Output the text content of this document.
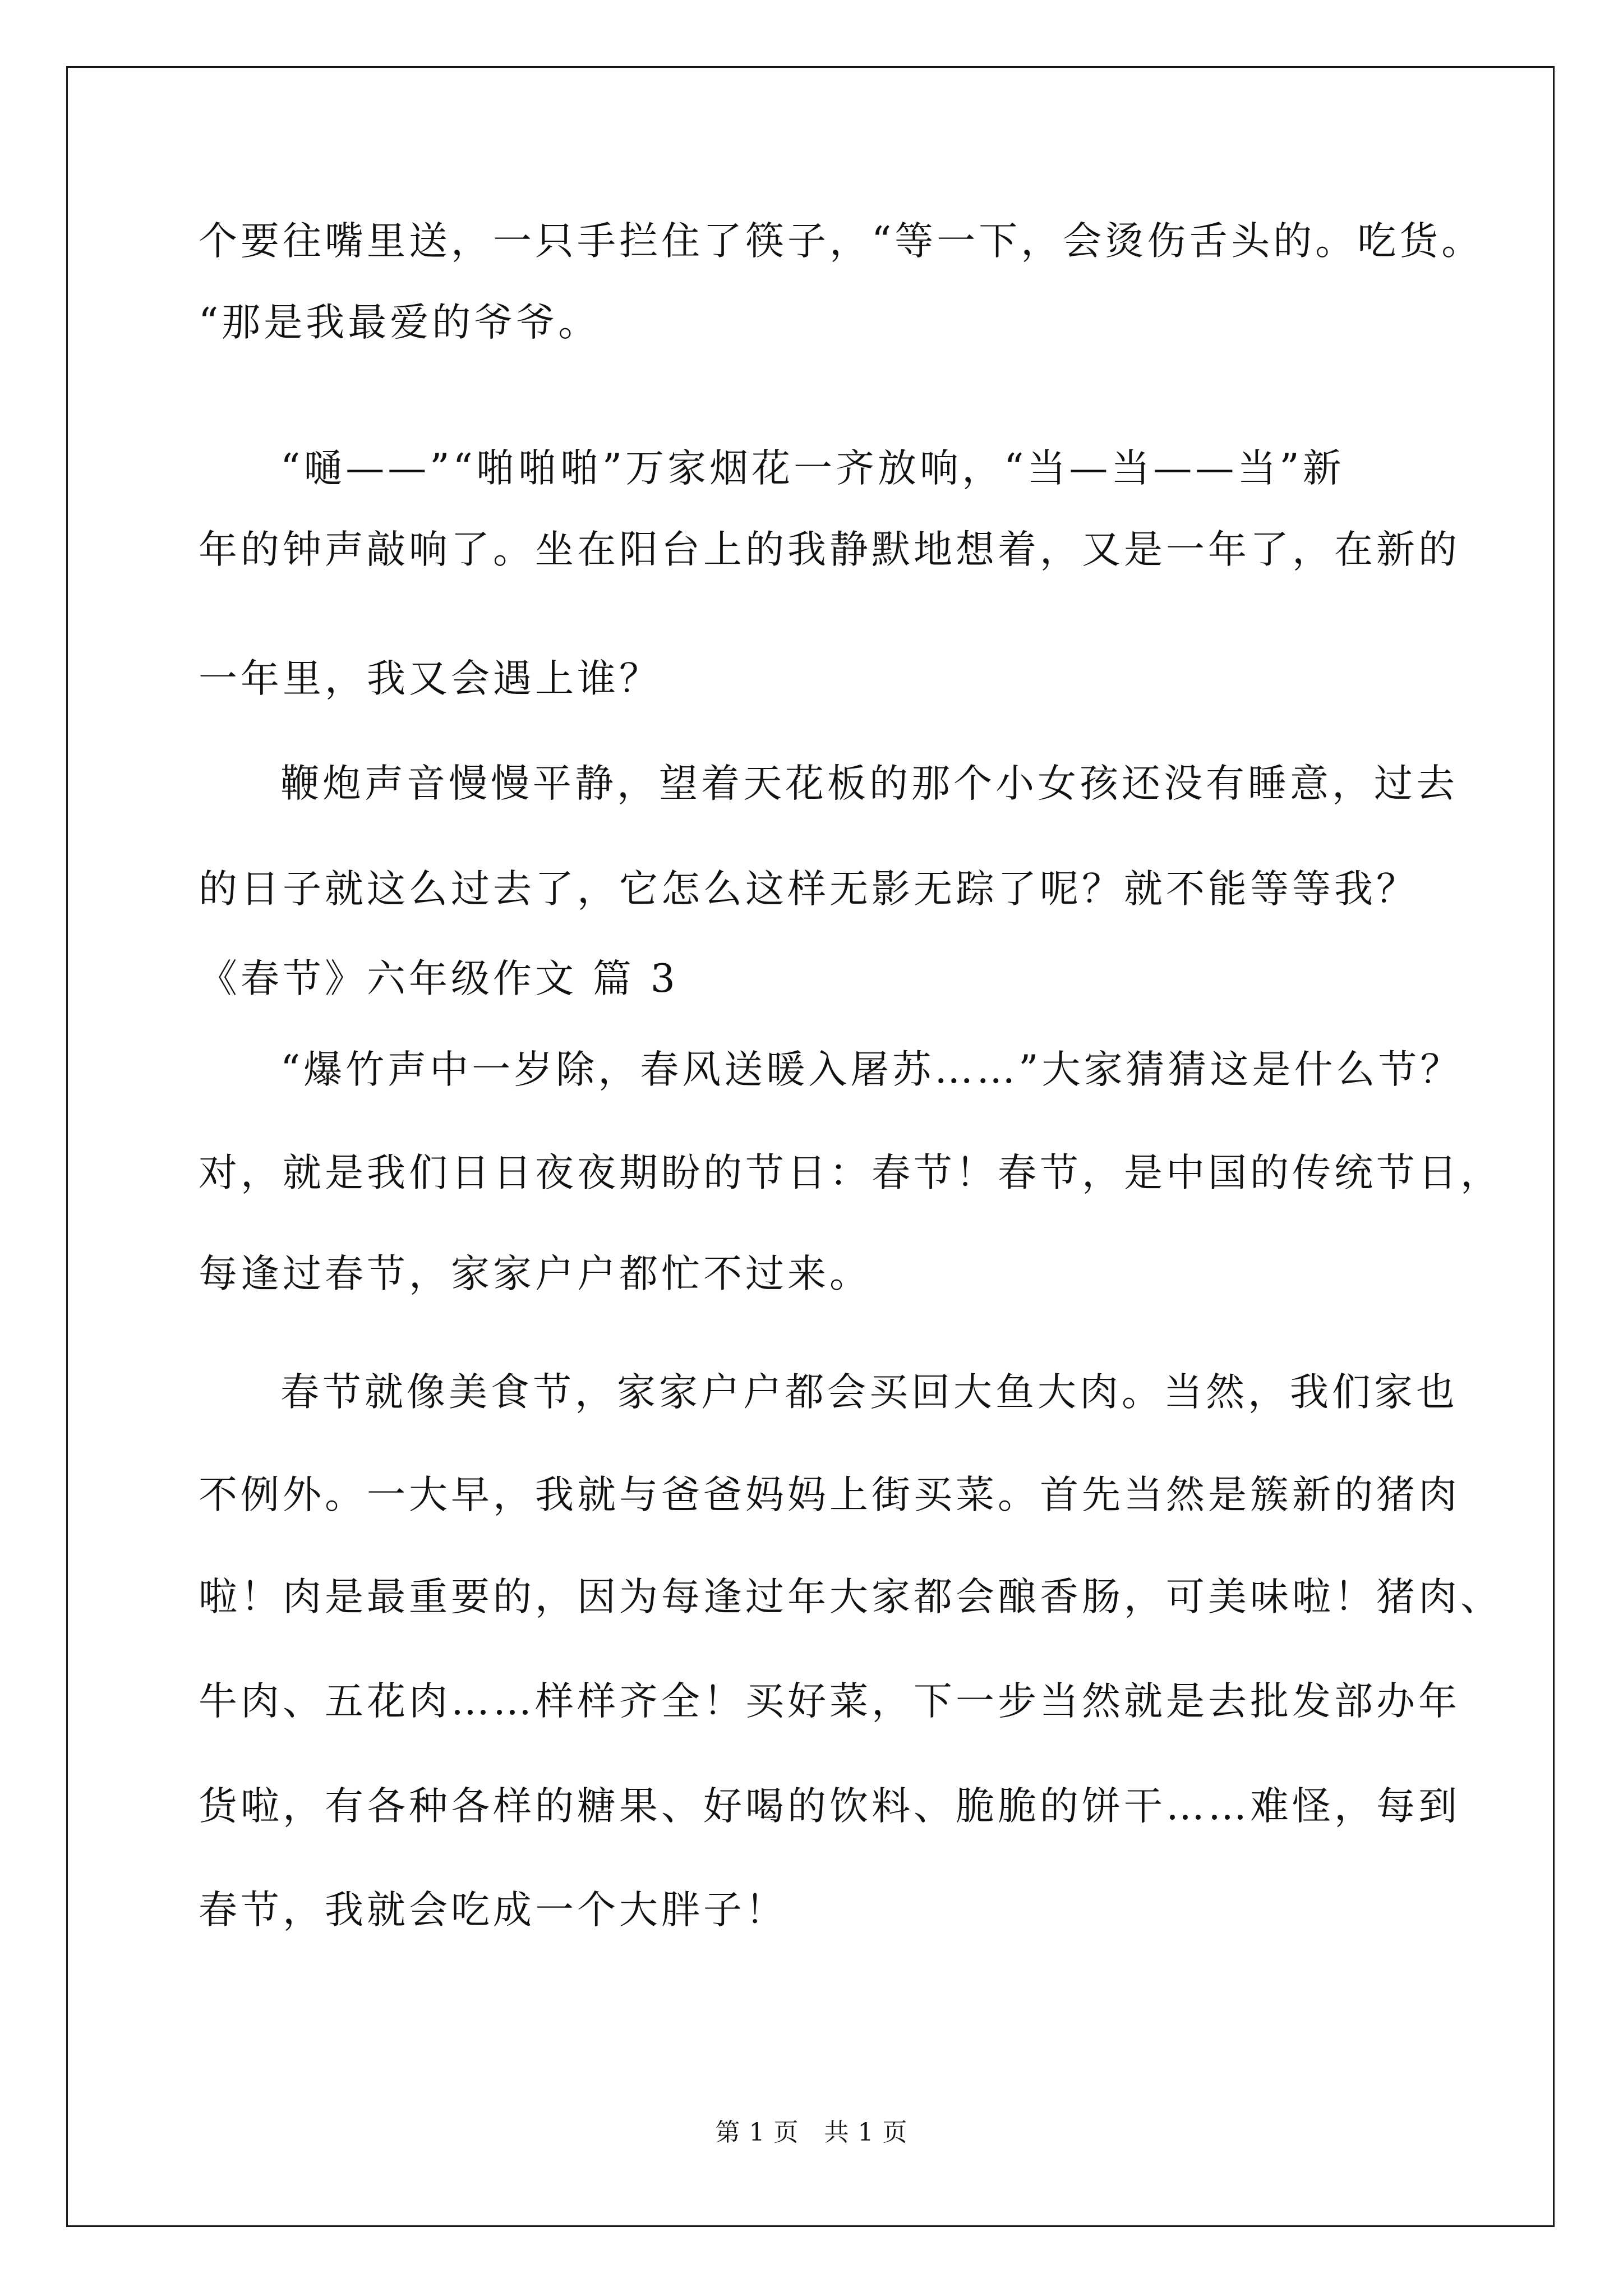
个要往嘴里送，一只手拦住了筷子，“等一下，会烫伤舌头的。吃货。

“那是我最爱的爷爷。

“嗵——”“啪啪啪”万家烟花一齐放响，“当—当——当”新

年的钟声敲响了。坐在阳台上的我静默地想着，又是一年了，在新的

一年里，我又会遇上谁？

鞭炮声音慢慢平静，望着天花板的那个小女孩还没有睡意，过去

的日子就这么过去了，它怎么这样无影无踪了呢？就不能等等我？

《春节》六年级作文 篇 3

“爆竹声中一岁除，春风送暖入屠苏……”大家猜猜这是什么节？

对，就是我们日日夜夜期盼的节日：春节！春节，是中国的传统节日，

每逢过春节，家家户户都忙不过来。

春节就像美食节，家家户户都会买回大鱼大肉。当然，我们家也

不例外。一大早，我就与爸爸妈妈上街买菜。首先当然是簇新的猪肉

啦！肉是最重要的，因为每逢过年大家都会酿香肠，可美味啦！猪肉、

牛肉、五花肉……样样齐全！买好菜，下一步当然就是去批发部办年

货啦，有各种各样的糖果、好喝的饮料、脆脆的饼干……难怪，每到

春节，我就会吃成一个大胖子！

第 1 页   共 1 页
